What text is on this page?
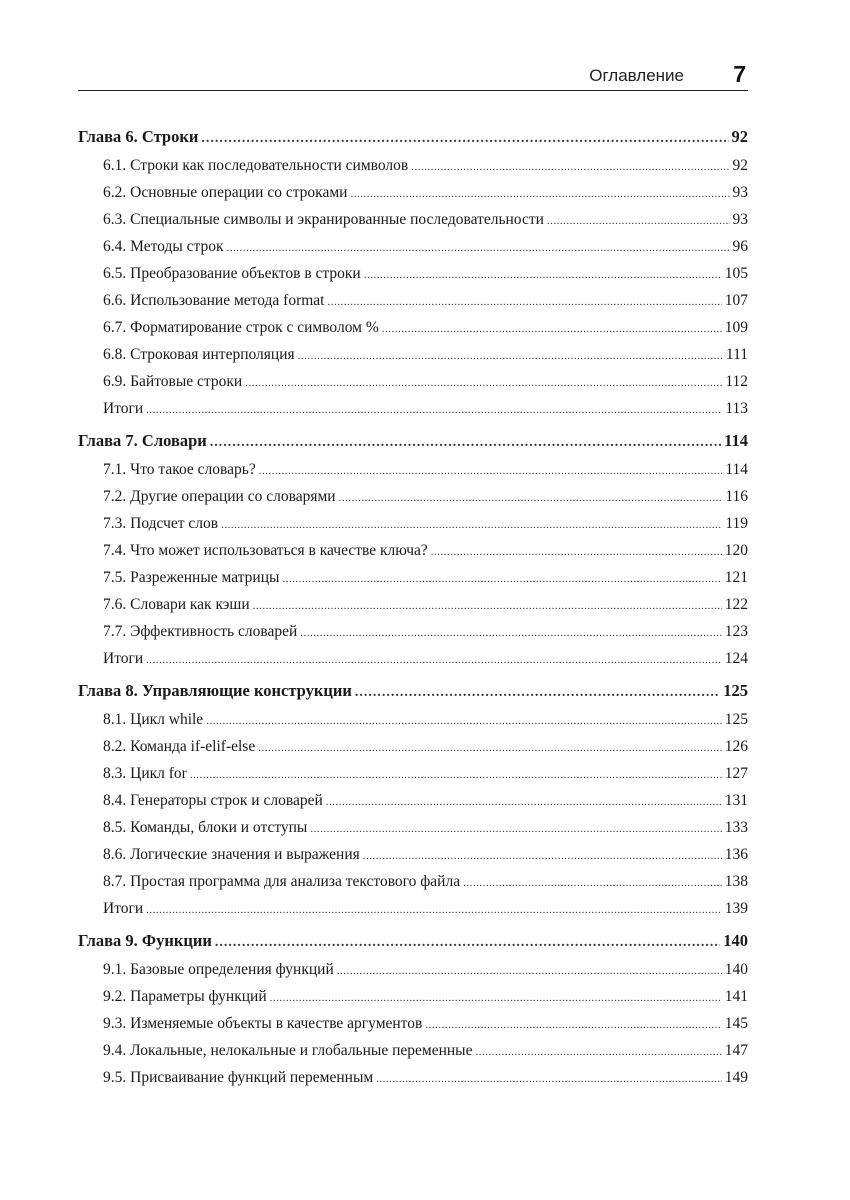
Оглавление 7
Глава 6. Строки .....	92
6.1. Строки как последовательности символов .....	92
6.2. Основные операции со строками .....	93
6.3. Специальные символы и экранированные последовательности .....	93
6.4. Методы строк .....	96
6.5. Преобразование объектов в строки .....	105
6.6. Использование метода format .....	107
6.7. Форматирование строк с символом % .....	109
6.8. Строковая интерполяция .....	111
6.9. Байтовые строки .....	112
Итоги .....	113
Глава 7. Словари .....	114
7.1. Что такое словарь? .....	114
7.2. Другие операции со словарями .....	116
7.3. Подсчет слов .....	119
7.4. Что может использоваться в качестве ключа? .....	120
7.5. Разреженные матрицы .....	121
7.6. Словари как кэши .....	122
7.7. Эффективность словарей .....	123
Итоги .....	124
Глава 8. Управляющие конструкции .....	125
8.1. Цикл while .....	125
8.2. Команда if-elif-else .....	126
8.3. Цикл for .....	127
8.4. Генераторы строк и словарей .....	131
8.5. Команды, блоки и отступы .....	133
8.6. Логические значения и выражения .....	136
8.7. Простая программа для анализа текстового файла .....	138
Итоги .....	139
Глава 9. Функции .....	140
9.1. Базовые определения функций .....	140
9.2. Параметры функций .....	141
9.3. Изменяемые объекты в качестве аргументов .....	145
9.4. Локальные, нелокальные и глобальные переменные .....	147
9.5. Присваивание функций переменным .....	149
